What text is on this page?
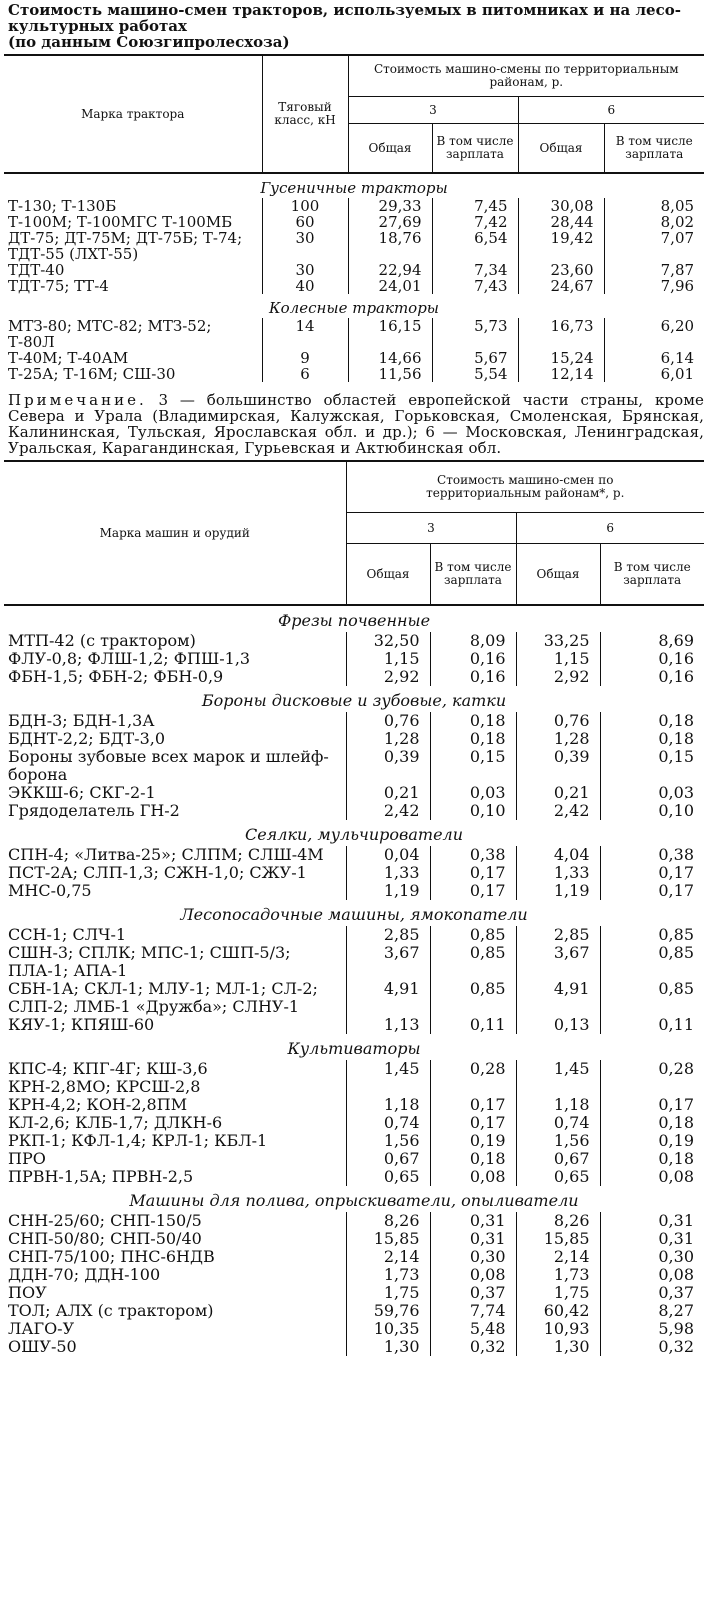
Стоимость машино-смен тракторов, используемых в питомниках и на лесо-
культурных работах
(по данным Союзгипролесхоза)
Марка трактора	Тяговый класс, кН	Стоимость машино-смены по территориальным районам, р.			
		3		6	
		Общая	В том числе зарплата	Общая	В том числе зарплата
Гусеничные тракторы					
Т-130; Т-130Б	100	29,33	7,45	30,08	8,05
Т-100М; Т-100МГС Т-100МБ	60	27,69	7,42	28,44	8,02
ДТ-75; ДТ-75М; ДТ-75Б; Т-74; ТДТ-55 (ЛХТ-55)	30	18,76	6,54	19,42	7,07
ТДТ-40	30	22,94	7,34	23,60	7,87
ТДТ-75; ТТ-4	40	24,01	7,43	24,67	7,96
Колесные тракторы					
МТЗ-80; МТС-82; МТЗ-52; Т-80Л	14	16,15	5,73	16,73	6,20
Т-40М; Т-40АМ	9	14,66	5,67	15,24	6,14
Т-25А; Т-16М; СШ-30	6	11,56	5,54	12,14	6,01
Примечание. 3 — большинство областей европейской части страны, кроме Севера и Урала (Владимирская, Калужская, Горьковская, Смоленская, Брянская, Калининская, Тульская, Ярославская обл. и др.); 6 — Московская, Ленинградская, Уральская, Карагандинская, Гурьевская и Актюбинская обл.
Марка машин и орудий	Стоимость машино-смен по территориальным районам*, р.			
	3		6	
	Общая	В том числе зарплата	Общая	В том числе зарплата
Фрезы почвенные				
МТП-42 (с трактором)	32,50	8,09	33,25	8,69
ФЛУ-0,8; ФЛШ-1,2; ФПШ-1,3	1,15	0,16	1,15	0,16
ФБН-1,5; ФБН-2; ФБН-0,9	2,92	0,16	2,92	0,16
Бороны дисковые и зубовые, катки				
БДН-3; БДН-1,3А	0,76	0,18	0,76	0,18
БДНТ-2,2; БДТ-3,0	1,28	0,18	1,28	0,18
Бороны зубовые всех марок и шлейф-борона	0,39	0,15	0,39	0,15
ЭККШ-6; СКГ-2-1	0,21	0,03	0,21	0,03
Грядоделатель ГН-2	2,42	0,10	2,42	0,10
Сеялки, мульчирователи				
СПН-4; «Литва-25»; СЛПМ; СЛШ-4М	0,04	0,38	4,04	0,38
ПСТ-2А; СЛП-1,3; СЖН-1,0; СЖУ-1	1,33	0,17	1,33	0,17
МНС-0,75	1,19	0,17	1,19	0,17
Лесопосадочные машины, ямокопатели				
ССН-1; СЛЧ-1	2,85	0,85	2,85	0,85
СШН-3; СПЛК; МПС-1; СШП-5/3; ПЛА-1; АПА-1	3,67	0,85	3,67	0,85
СБН-1А; СКЛ-1; МЛУ-1; МЛ-1; СЛ-2; СЛП-2; ЛМБ-1 «Дружба»; СЛНУ-1	4,91	0,85	4,91	0,85
КЯУ-1; КПЯШ-60	1,13	0,11	0,13	0,11
Культиваторы				
КПС-4; КПГ-4Г; КШ-3,6	1,45	0,28	1,45	0,28
КРН-2,8МО; КРСШ-2,8				
КРН-4,2; КОН-2,8ПМ	1,18	0,17	1,18	0,17
КЛ-2,6; КЛБ-1,7; ДЛКН-6	0,74	0,17	0,74	0,18
РКП-1; КФЛ-1,4; КРЛ-1; КБЛ-1	1,56	0,19	1,56	0,19
ПРО	0,67	0,18	0,67	0,18
ПРВН-1,5А; ПРВН-2,5	0,65	0,08	0,65	0,08
Машины для полива, опрыскиватели, опыливатели				
СНН-25/60; СНП-150/5	8,26	0,31	8,26	0,31
СНП-50/80; СНП-50/40	15,85	0,31	15,85	0,31
СНП-75/100; ПНС-6НДВ	2,14	0,30	2,14	0,30
ДДН-70; ДДН-100	1,73	0,08	1,73	0,08
ПОУ	1,75	0,37	1,75	0,37
ТОЛ; АЛХ (с трактором)	59,76	7,74	60,42	8,27
ЛАГО-У	10,35	5,48	10,93	5,98
ОШУ-50	1,30	0,32	1,30	0,32
